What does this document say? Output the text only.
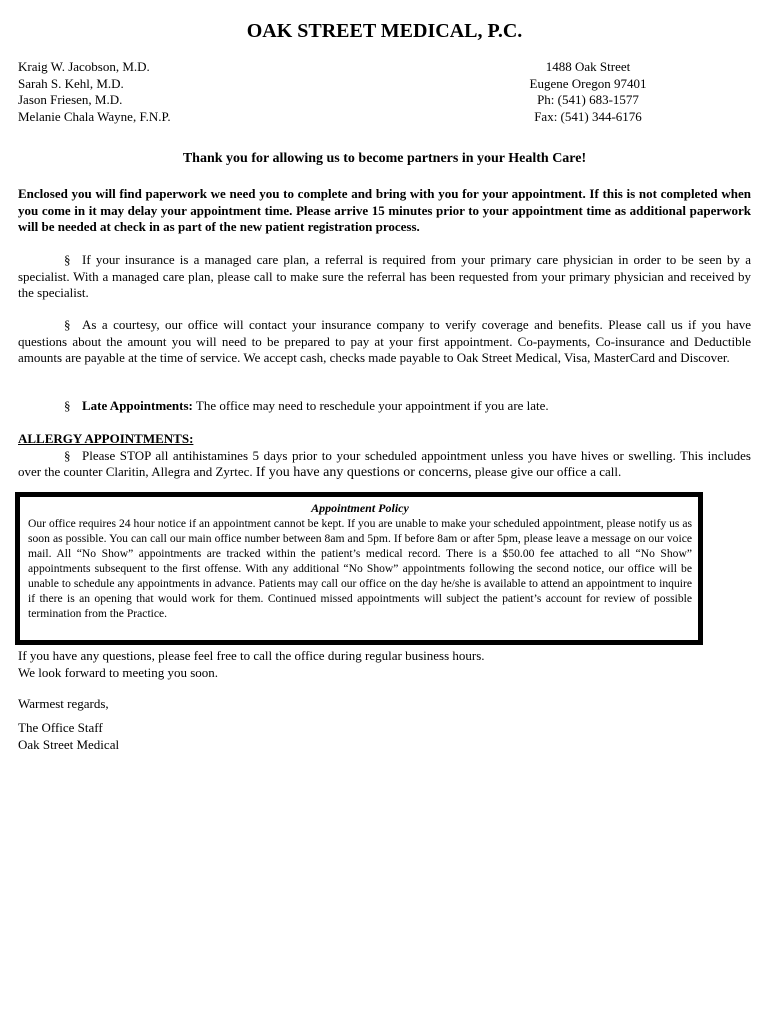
OAK STREET MEDICAL, P.C.
Kraig W. Jacobson, M.D.
Sarah S. Kehl, M.D.
Jason Friesen, M.D.
Melanie Chala Wayne, F.N.P.
1488 Oak Street
Eugene Oregon 97401
Ph: (541) 683-1577
Fax: (541) 344-6176
Thank you for allowing us to become partners in your Health Care!
Enclosed you will find paperwork we need you to complete and bring with you for your appointment. If this is not completed when you come in it may delay your appointment time. Please arrive 15 minutes prior to your appointment time as additional paperwork will be needed at check in as part of the new patient registration process.
§ If your insurance is a managed care plan, a referral is required from your primary care physician in order to be seen by a specialist. With a managed care plan, please call to make sure the referral has been requested from your primary physician and received by the specialist.
§ As a courtesy, our office will contact your insurance company to verify coverage and benefits. Please call us if you have questions about the amount you will need to be prepared to pay at your first appointment. Co-payments, Co-insurance and Deductible amounts are payable at the time of service. We accept cash, checks made payable to Oak Street Medical, Visa, MasterCard and Discover.
§ Late Appointments: The office may need to reschedule your appointment if you are late.
ALLERGY APPOINTMENTS:
§ Please STOP all antihistamines 5 days prior to your scheduled appointment unless you have hives or swelling. This includes over the counter Claritin, Allegra and Zyrtec. If you have any questions or concerns, please give our office a call.
Appointment Policy
Our office requires 24 hour notice if an appointment cannot be kept. If you are unable to make your scheduled appointment, please notify us as soon as possible. You can call our main office number between 8am and 5pm. If before 8am or after 5pm, please leave a message on our voice mail. All “No Show” appointments are tracked within the patient’s medical record. There is a $50.00 fee attached to all “No Show” appointments subsequent to the first offense. With any additional “No Show” appointments following the second notice, our office will be unable to schedule any appointments in advance. Patients may call our office on the day he/she is available to attend an appointment to inquire if there is an opening that would work for them. Continued missed appointments will subject the patient’s account for review of possible termination from the Practice.
If you have any questions, please feel free to call the office during regular business hours.
We look forward to meeting you soon.
Warmest regards,
The Office Staff
Oak Street Medical
